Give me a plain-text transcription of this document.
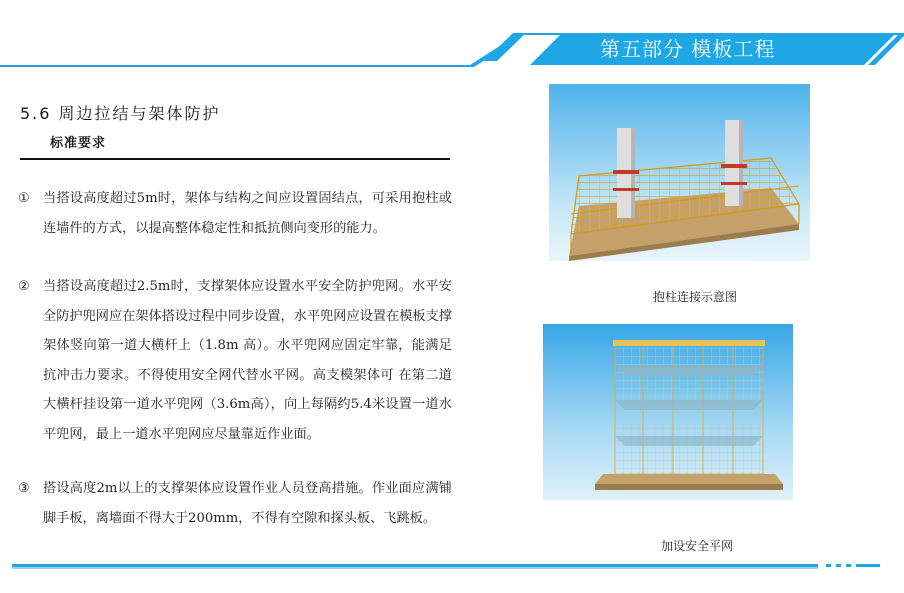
第五部分 模板工程
5.6 周边拉结与架体防护
标准要求
① 当搭设高度超过5m时，架体与结构之间应设置固结点，可采用抱柱或连墙件的方式，以提高整体稳定性和抵抗侧向变形的能力。
② 当搭设高度超过2.5m时，支撑架体应设置水平安全防护兜网。水平安全防护兜网应在架体搭设过程中同步设置，水平兜网应设置在模板支撑架体竖向第一道大横杆上（1.8m 高）。水平兜网应固定牢靠，能满足抗冲击力要求。不得使用安全网代替水平网。高支模架体可 在第二道大横杆挂设第一道水平兜网（3.6m高），向上每隔约5.4米设置一道水平兜网，最上一道水平兜网应尽量靠近作业面。
③ 搭设高度2m以上的支撑架体应设置作业人员登高措施。作业面应满铺脚手板，离墙面不得大于200mm，不得有空隙和探头板、飞跳板。
抱柱连接示意图
加设安全平网
